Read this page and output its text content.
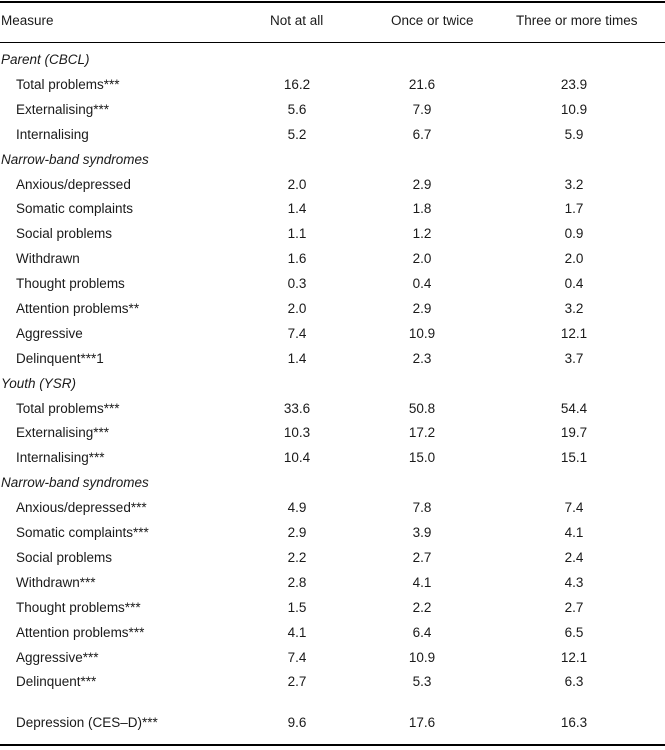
Measure	Not at all	Once or twice	Three or more times
Parent (CBCL)
Total problems***	16.2	21.6	23.9
Externalising***	5.6	7.9	10.9
Internalising	5.2	6.7	5.9
Narrow-band syndromes
Anxious/depressed	2.0	2.9	3.2
Somatic complaints	1.4	1.8	1.7
Social problems	1.1	1.2	0.9
Withdrawn	1.6	2.0	2.0
Thought problems	0.3	0.4	0.4
Attention problems**	2.0	2.9	3.2
Aggressive	7.4	10.9	12.1
Delinquent***1	1.4	2.3	3.7
Youth (YSR)
Total problems***	33.6	50.8	54.4
Externalising***	10.3	17.2	19.7
Internalising***	10.4	15.0	15.1
Narrow-band syndromes
Anxious/depressed***	4.9	7.8	7.4
Somatic complaints***	2.9	3.9	4.1
Social problems	2.2	2.7	2.4
Withdrawn***	2.8	4.1	4.3
Thought problems***	1.5	2.2	2.7
Attention problems***	4.1	6.4	6.5
Aggressive***	7.4	10.9	12.1
Delinquent***	2.7	5.3	6.3
Depression (CES–D)***	9.6	17.6	16.3
